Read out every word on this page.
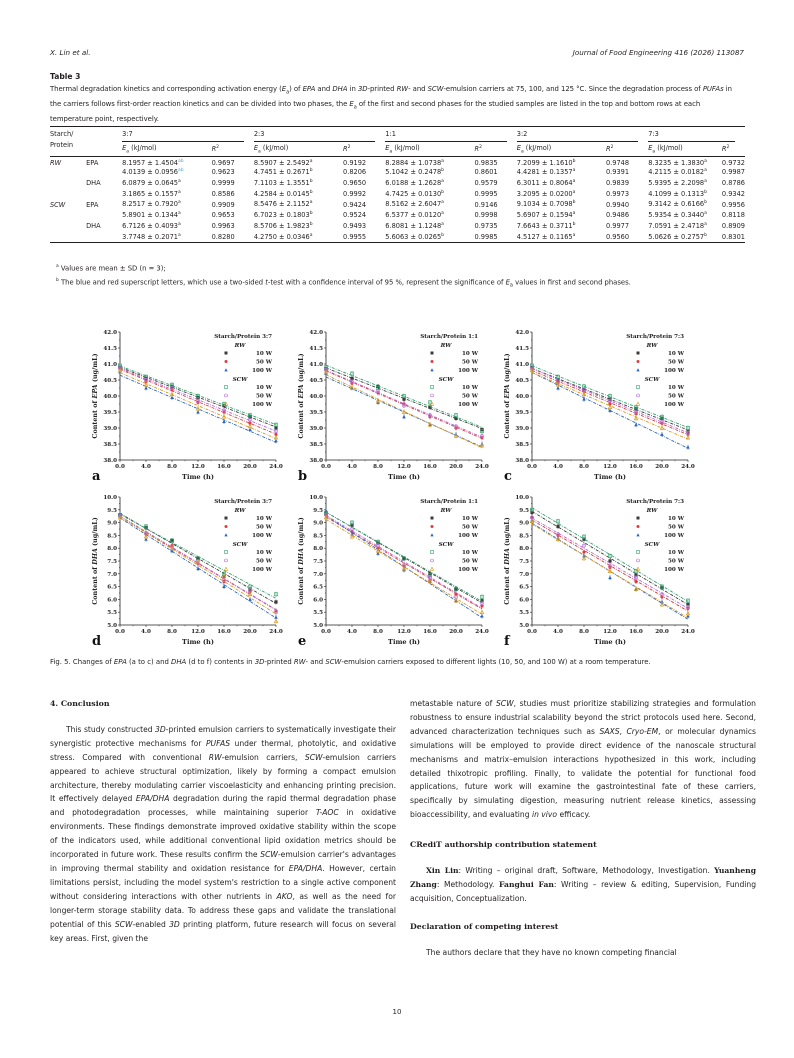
X. Lin et al.	Journal of Food Engineering 416 (2026) 113087
Table 3
Thermal degradation kinetics and corresponding activation energy $(E_a)$ of EPA and DHA in 3D-printed RW- and SCW-emulsion carriers at 75, 100, and 125 °C. Since the degradation process of PUFAs in the carriers follows first-order reaction kinetics and can be divided into two phases, the $E_a$ of the first and second phases for the studied samples are listed in the top and bottom rows at each temperature point, respectively.
Starch/
Protein		3:7		2:3		1:1		3:2		7:3	

		$E_a$ (kJ/mol)	$R^2$	$E_a$ (kJ/mol)	$R^2$	$E_a$ (kJ/mol)	$R^2$	$E_a$ (kJ/mol)	$R^2$	$E_a$ (kJ/mol)	$R^2$
RW	EPA	8.1957 ± 1.4504$^{ab}$	0.9697	8.5907 ± 2.5492$^a$	0.9192	8.2884 ± 1.0738$^a$	0.9835	7.2099 ± 1.1610$^b$	0.9748	8.3235 ± 1.3830$^a$	0.9732
		4.0139 ± 0.0956$^{ab}$	0.9623	4.7451 ± 0.2671$^b$	0.8206	5.1042 ± 0.2478$^b$	0.8601	4.4281 ± 0.1357$^a$	0.9391	4.2115 ± 0.0182$^a$	0.9987
	DHA	6.0879 ± 0.0645$^a$	0.9999	7.1103 ± 1.3551$^b$	0.9650	6.0188 ± 1.2628$^a$	0.9579	6.3011 ± 0.8064$^a$	0.9839	5.9395 ± 2.2098$^a$	0.8786
		3.1865 ± 0.1557$^a$	0.8586	4.2584 ± 0.0145$^b$	0.9992	4.7425 ± 0.0130$^b$	0.9995	3.2095 ± 0.0200$^a$	0.9973	4.1099 ± 0.1313$^b$	0.9342
SCW	EPA	8.2517 ± 0.7920$^a$	0.9909	8.5476 ± 2.1152$^a$	0.9424	8.5162 ± 2.6047$^a$	0.9146	9.1034 ± 0.7098$^b$	0.9940	9.3142 ± 0.6166$^b$	0.9956
		5.8901 ± 0.1344$^a$	0.9653	6.7023 ± 0.1803$^b$	0.9524	6.5377 ± 0.0120$^a$	0.9998	5.6907 ± 0.1594$^a$	0.9486	5.9354 ± 0.3440$^a$	0.8118
	DHA	6.7126 ± 0.4093$^a$	0.9963	8.5706 ± 1.9823$^b$	0.9493	6.8081 ± 1.1248$^a$	0.9735	7.6643 ± 0.3711$^b$	0.9977	7.0591 ± 2.4718$^a$	0.8909
		3.7748 ± 0.2071$^a$	0.8280	4.2750 ± 0.0346$^a$	0.9955	5.6063 ± 0.0265$^b$	0.9985	4.5127 ± 0.1165$^a$	0.9560	5.0626 ± 0.2757$^b$	0.8301
$^a$ Values are mean ± SD (n = 3);
$^b$ The blue and red superscript letters, which use a two-sided t-test with a confidence interval of 95 %, represent the significance of $E_a$ values in first and second phases.
38.0
38.5
39.0
39.5
40.0
40.5
41.0
41.5
42.0
0.0	4.0	8.0	12.0 16.0 20.0 24.0
Time (h)
Content of EPA (ug/mL)
a
Starch/Protein 3:7
RW
10 W
50 W
100 W
SCW
10 W
50 W
100 W
38.0
38.5
39.0
39.5
40.0
40.5
41.0
41.5
42.0
0.0	4.0	8.0	12.0 16.0 20.0 24.0
Time (h)
Content of EPA (ug/mL)
b
Starch/Protein 1:1
RW
10 W
50 W
100 W
SCW
10 W
50 W
100 W
38.0
38.5
39.0
39.5
40.0
40.5
41.0
41.5
42.0
0.0	4.0	8.0	12.0 16.0 20.0 24.0
Time (h)
Content of EPA (ug/mL)
c
Starch/Protein 7:3
RW
10 W
50 W
100 W
SCW
10 W
50 W
100 W
5.0
5.5
6.0
6.5
7.0
7.5
8.0
8.5
9.0
9.5
10.0
0.0	4.0	8.0	12.0 16.0 20.0 24.0
Time (h)
Content of DHA (ug/mL)
d
Starch/Protein 3:7
RW
10 W
50 W
100 W
SCW
10 W
50 W
100 W
5.0
5.5
6.0
6.5
7.0
7.5
8.0
8.5
9.0
9.5
10.0
0.0	4.0	8.0	12.0 16.0 20.0 24.0
Time (h)
Content of DHA (ug/mL)
e
Starch/Protein 1:1
RW
10 W
50 W
100 W
SCW
10 W
50 W
100 W
5.0
5.5
6.0
6.5
7.0
7.5
8.0
8.5
9.0
9.5
10.0
0.0	4.0	8.0	12.0 16.0 20.0 24.0
Time (h)
Content of DHA (ug/mL)
f
Starch/Protein 7:3
RW
10 W
50 W
100 W
SCW
10 W
50 W
100 W
Fig. 5. Changes of EPA (a to c) and DHA (d to f) contents in 3D-printed RW- and SCW-emulsion carriers exposed to different lights (10, 50, and 100 W) at a room temperature.
4. Conclusion

This study constructed 3D-printed emulsion carriers to systematically investigate their synergistic protective mechanisms for PUFAS under thermal, photolytic, and oxidative stress. Compared with conventional RW-emulsion carriers, SCW-emulsion carriers appeared to achieve structural optimization, likely by forming a compact emulsion architecture, thereby modulating carrier viscoelasticity and enhancing printing precision. It effectively delayed EPA/DHA degradation during the rapid thermal degradation phase and photodegradation processes, while maintaining superior T-AOC in oxidative environments. These findings demonstrate improved oxidative stability within the scope of the indicators used, while additional conventional lipid oxidation metrics should be incorporated in future work. These results confirm the SCW-emulsion carrier's advantages in improving thermal stability and oxidation resistance for EPA/DHA. However, certain limitations persist, including the model system's restriction to a single active component without considering interactions with other nutrients in AKO, as well as the need for longer-term storage stability data. To address these gaps and validate the translational potential of this SCW-enabled 3D printing platform, future research will focus on several key areas. First, given the

metastable nature of SCW, studies must prioritize stabilizing strategies and formulation robustness to ensure industrial scalability beyond the strict protocols used here. Second, advanced characterization techniques such as SAXS, Cryo-EM, or molecular dynamics simulations will be employed to provide direct evidence of the nanoscale structural mechanisms and matrix–emulsion interactions hypothesized in this work, including detailed thixotropic profiling. Finally, to validate the potential for functional food applications, future work will examine the gastrointestinal fate of these carriers, specifically by simulating digestion, measuring nutrient release kinetics, assessing bioaccessibility, and evaluating in vivo efficacy.

CRediT authorship contribution statement

Xin Lin: Writing – original draft, Software, Methodology, Investigation. Yuanheng Zhang: Methodology. Fanghui Fan: Writing – review & editing, Supervision, Funding acquisition, Conceptualization.

Declaration of competing interest

The authors declare that they have no known competing financial

10
